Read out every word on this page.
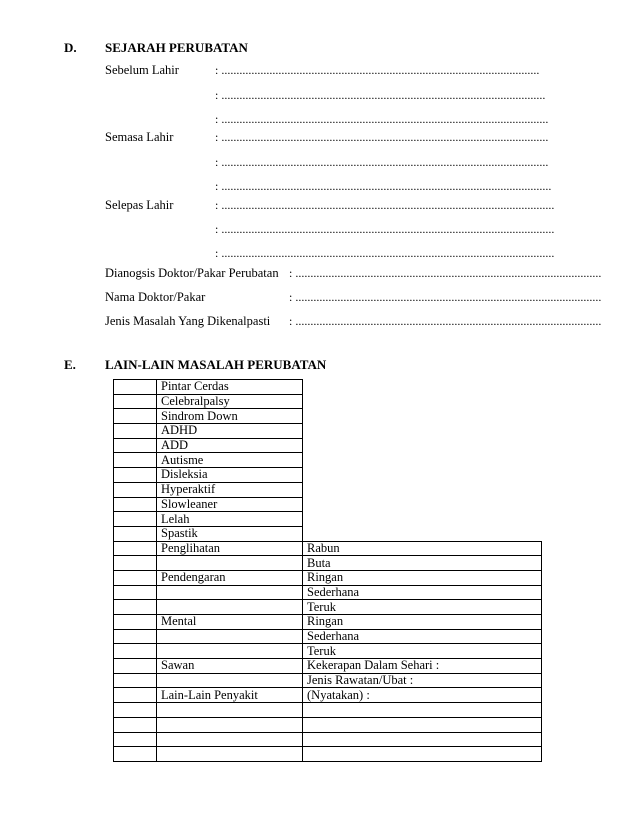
D. SEJARAH PERUBATAN
Sebelum Lahir	: ..........................................................................................................
: ............................................................................................................
: .............................................................................................................
Semasa Lahir	: .............................................................................................................
: .............................................................................................................
: ..............................................................................................................
Selepas Lahir	: ...............................................................................................................
: ...............................................................................................................
: ...............................................................................................................
Dianogsis Doktor/Pakar Perubatan : ......................................................................................................
Nama Doktor/Pakar	: ......................................................................................................
Jenis Masalah Yang Dikenalpasti : ......................................................................................................
E. LAIN-LAIN MASALAH PERUBATAN
	Pintar Cerdas	
	Celebralpalsy	
	Sindrom Down	
	ADHD	
	ADD	
	Autisme	
	Disleksia	
	Hyperaktif	
	Slowleaner	
	Lelah	
	Spastik	
	Penglihatan	Rabun
		Buta
	Pendengaran	Ringan
		Sederhana
		Teruk
	Mental	Ringan
		Sederhana
		Teruk
	Sawan	Kekerapan Dalam Sehari :
		Jenis Rawatan/Ubat :
	Lain-Lain Penyakit	(Nyatakan) :
